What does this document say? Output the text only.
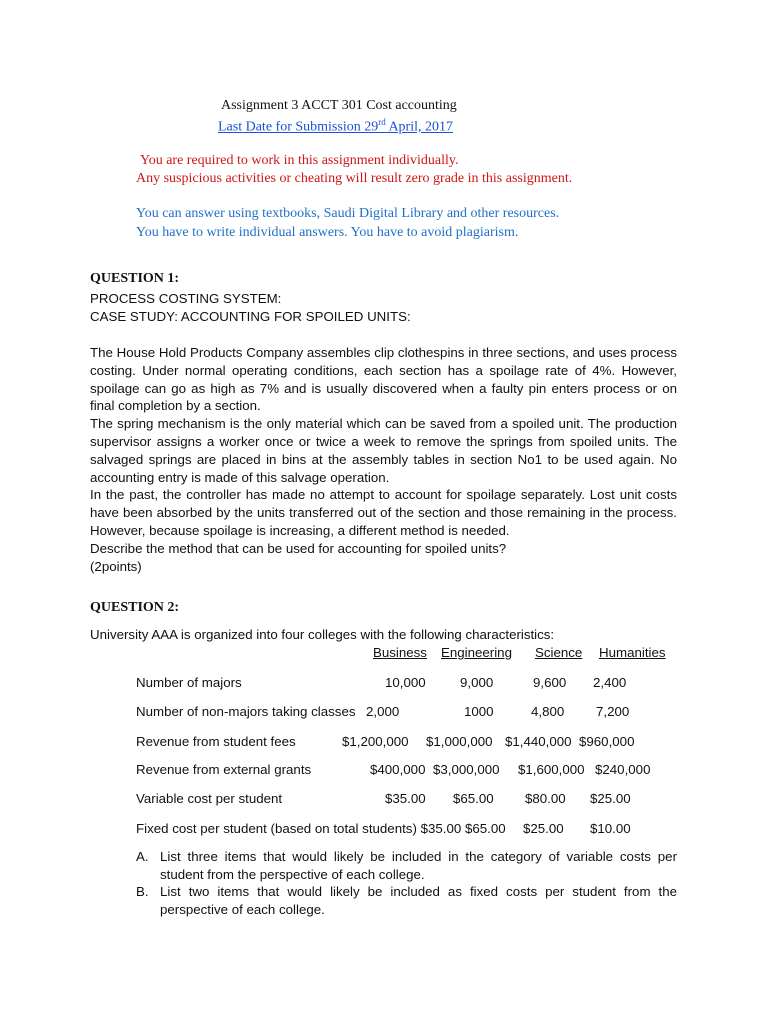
Assignment 3 ACCT 301 Cost accounting
Last Date for Submission 29rd April, 2017
You are required to work in this assignment individually.
Any suspicious activities or cheating will result zero grade in this assignment.
You can answer using textbooks, Saudi Digital Library and other resources.
You have to write individual answers. You have to avoid plagiarism.
QUESTION 1:
PROCESS COSTING SYSTEM:
CASE STUDY: ACCOUNTING FOR SPOILED UNITS:

The House Hold Products Company assembles clip clothespins in three sections, and uses process costing. Under normal operating conditions, each section has a spoilage rate of 4%. However, spoilage can go as high as 7% and is usually discovered when a faulty pin enters process or on final completion by a section.

The spring mechanism is the only material which can be saved from a spoiled unit. The production supervisor assigns a worker once or twice a week to remove the springs from spoiled units. The salvaged springs are placed in bins at the assembly tables in section No1 to be used again. No accounting entry is made of this salvage operation.

In the past, the controller has made no attempt to account for spoilage separately. Lost unit costs have been absorbed by the units transferred out of the section and those remaining in the process. However, because spoilage is increasing, a different method is needed.

Describe the method that can be used for accounting for spoiled units?

(2points)

QUESTION 2:
University AAA is organized into four colleges with the following characteristics:
Business Engineering Science Humanities
Number of majors	10,000	9,000	9,600 2,400
Number of non-majors taking classes 2,000	1000	4,800 7,200
Revenue from student fees	$1,200,000 $1,000,000 $1,440,000 $960,000
Revenue from external grants	$400,000 $3,000,000 $1,600,000 $240,000
Variable cost per student	$35.00 $65.00 $80.00 $25.00
Fixed cost per student (based on total students) $35.00 $65.00 $25.00 $10.00
A. List three items that would likely be included in the category of variable costs per student from the perspective of each college.
B. List two items that would likely be included as fixed costs per student from the perspective of each college.
